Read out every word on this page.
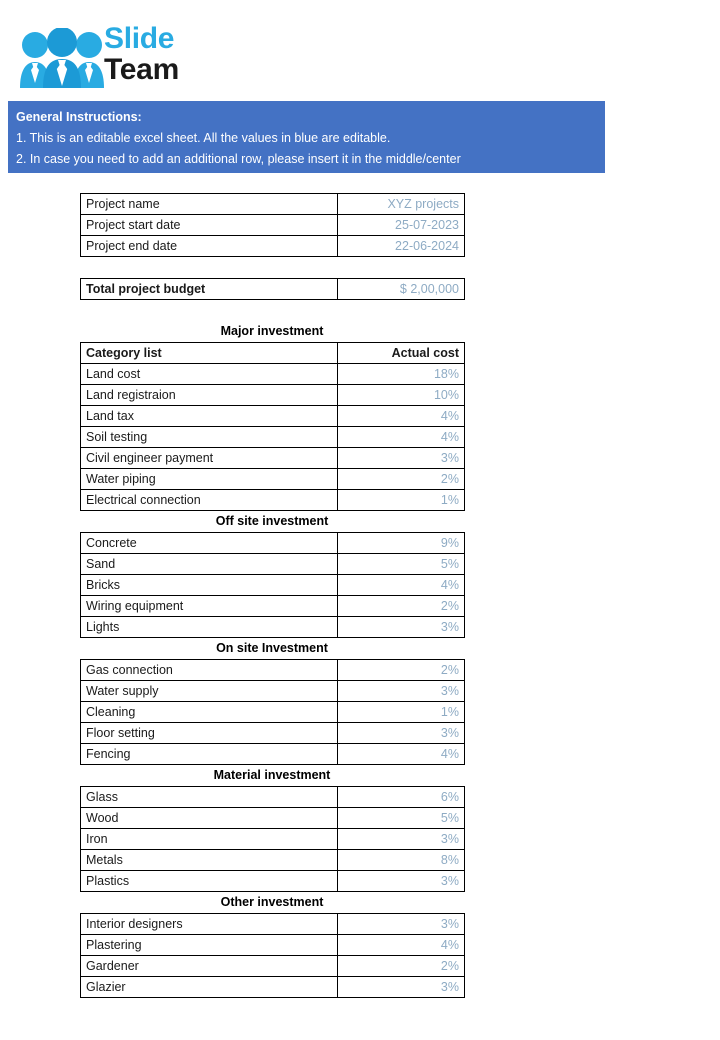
Slide
Team
General Instructions:
1. This is an editable excel sheet. All the values in blue are editable.
2. In case you need to add an additional row, please insert it in the middle/center
Project name	XYZ projects
Project start date	25-07-2023
Project end date	22-06-2024
Total project budget	$ 2,00,000
Major investment
Category list	Actual cost
Land cost	18%
Land registraion	10%
Land tax	4%
Soil testing	4%
Civil engineer payment	3%
Water piping	2%
Electrical connection	1%
Off site investment
Concrete	9%
Sand	5%
Bricks	4%
Wiring equipment	2%
Lights	3%
On site Investment
Gas connection	2%
Water supply	3%
Cleaning	1%
Floor setting	3%
Fencing	4%
Material investment
Glass	6%
Wood	5%
Iron	3%
Metals	8%
Plastics	3%
Other investment
Interior designers	3%
Plastering	4%
Gardener	2%
Glazier	3%
